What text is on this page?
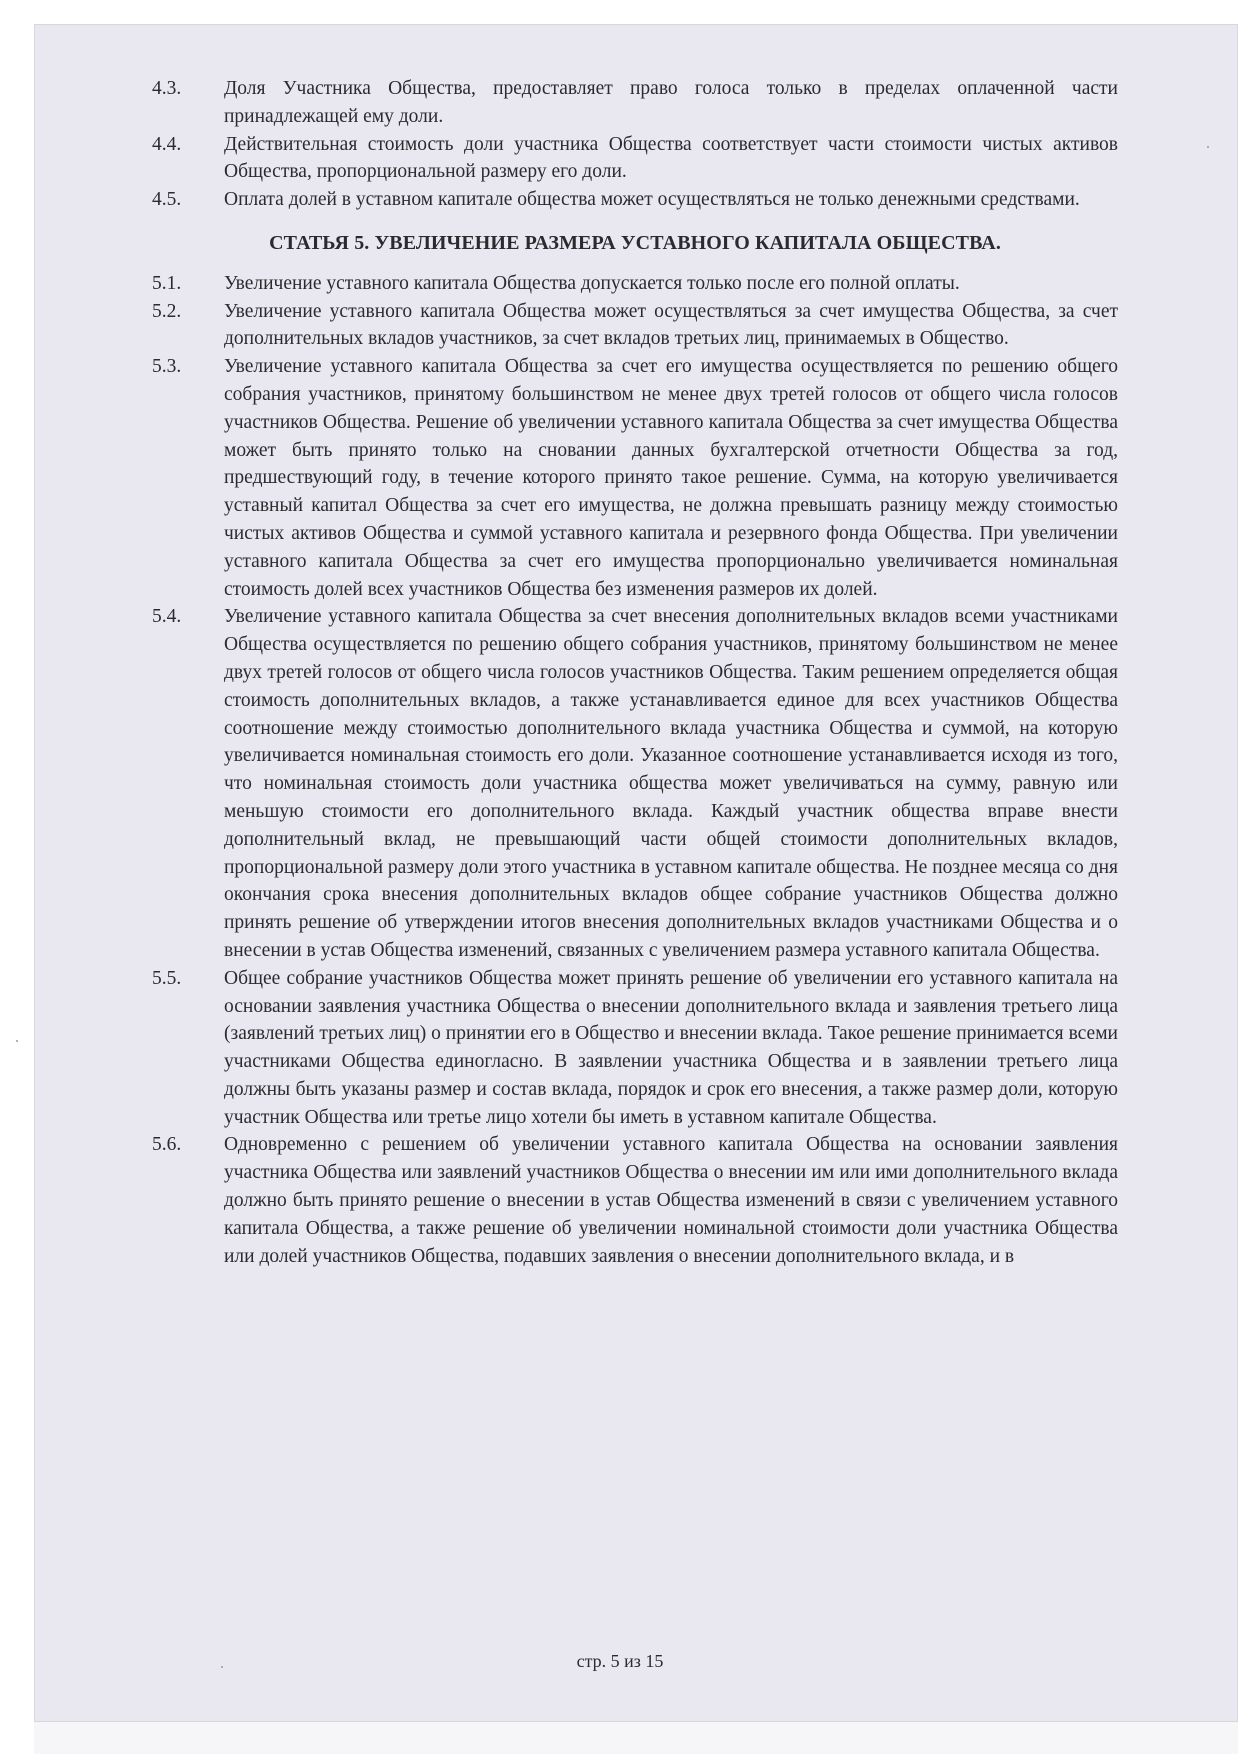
4.3.	Доля Участника Общества, предоставляет право голоса только в пределах оплаченной части принадлежащей ему доли.
4.4.	Действительная стоимость доли участника Общества соответствует части стоимости чистых активов Общества, пропорциональной размеру его доли.
4.5.	Оплата долей в уставном капитале общества может осуществляться не только денежными средствами.
СТАТЬЯ 5. УВЕЛИЧЕНИЕ РАЗМЕРА УСТАВНОГО КАПИТАЛА ОБЩЕСТВА.
5.1.	Увеличение уставного капитала Общества допускается только после его полной оплаты.
5.2.	Увеличение уставного капитала Общества может осуществляться за счет имущества Общества, за счет дополнительных вкладов участников, за счет вкладов третьих лиц, принимаемых в Общество.
5.3.	Увеличение уставного капитала Общества за счет его имущества осуществляется по решению общего собрания участников, принятому большинством не менее двух третей голосов от общего числа голосов участников Общества. Решение об увеличении уставного капитала Общества за счет имущества Общества может быть принято только на сновании данных бухгалтерской отчетности Общества за год, предшествующий году, в течение которого принято такое решение. Сумма, на которую увеличивается уставный капитал Общества за счет его имущества, не должна превышать разницу между стоимостью чистых активов Общества и суммой уставного капитала и резервного фонда Общества. При увеличении уставного капитала Общества за счет его имущества пропорционально увеличивается номинальная стоимость долей всех участников Общества без изменения размеров их долей.
5.4.	Увеличение уставного капитала Общества за счет внесения дополнительных вкладов всеми участниками Общества осуществляется по решению общего собрания участников, принятому большинством не менее двух третей голосов от общего числа голосов участников Общества. Таким решением определяется общая стоимость дополнительных вкладов, а также устанавливается единое для всех участников Общества соотношение между стоимостью дополнительного вклада участника Общества и суммой, на которую увеличивается номинальная стоимость его доли. Указанное соотношение устанавливается исходя из того, что номинальная стоимость доли участника общества может увеличиваться на сумму, равную или меньшую стоимости его дополнительного вклада. Каждый участник общества вправе внести дополнительный вклад, не превышающий части общей стоимости дополнительных вкладов, пропорциональной размеру доли этого участника в уставном капитале общества. Не позднее месяца со дня окончания срока внесения дополнительных вкладов общее собрание участников Общества должно принять решение об утверждении итогов внесения дополнительных вкладов участниками Общества и о внесении в устав Общества изменений, связанных с увеличением размера уставного капитала Общества.
5.5.	Общее собрание участников Общества может принять решение об увеличении его уставного капитала на основании заявления участника Общества о внесении дополнительного вклада и заявления третьего лица (заявлений третьих лиц) о принятии его в Общество и внесении вклада. Такое решение принимается всеми участниками Общества единогласно. В заявлении участника Общества и в заявлении третьего лица должны быть указаны размер и состав вклада, порядок и срок его внесения, а также размер доли, которую участник Общества или третье лицо хотели бы иметь в уставном капитале Общества.
5.6.	Одновременно с решением об увеличении уставного капитала Общества на основании заявления участника Общества или заявлений участников Общества о внесении им или ими дополнительного вклада должно быть принято решение о внесении в устав Общества изменений в связи с увеличением уставного капитала Общества, а также решение об увеличении номинальной стоимости доли участника Общества или долей участников Общества, подавших заявления о внесении дополнительного вклада, и в
стр. 5 из 15
